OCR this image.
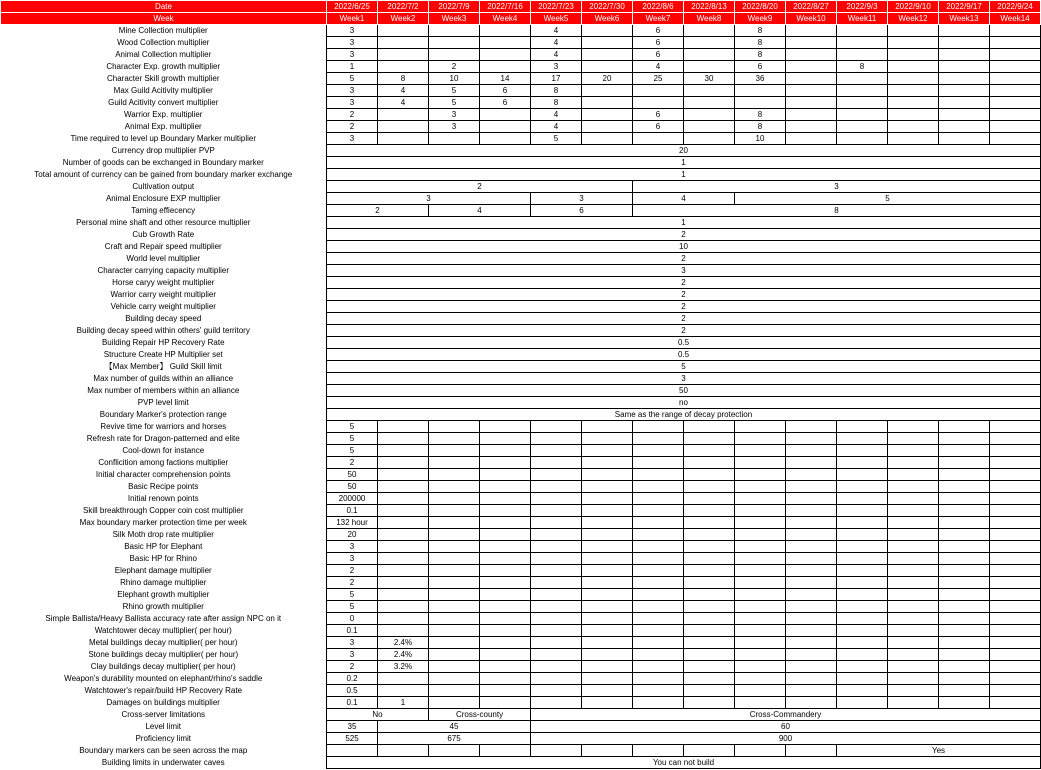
Date	2022/6/25	2022/7/2	2022/7/9	2022/7/16	2022/7/23	2022/7/30	2022/8/6	2022/8/13	2022/8/20	2022/8/27	2022/9/3	2022/9/10	2022/9/17	2022/9/24
Week	Week1	Week2	Week3	Week4	Week5	Week6	Week7	Week8	Week9	Week10	Week11	Week12	Week13	Week14
Mine Collection multiplier	3				4		6		8					
Wood Collection multiplier	3				4		6		8					
Animal Collection multiplier	3				4		6		8					
Character Exp. growth multiplier	1		2		3		4		6		8			
Character Skill growth multiplier	5	8	10	14	17	20	25	30	36					
Max Guild Acitivity multiplier	3	4	5	6	8									
Guild Acitivity convert multiplier	3	4	5	6	8									
Warrior Exp. multiplier	2		3		4		6		8					
Animal Exp. multiplier	2		3		4		6		8					
Time required to level up Boundary Marker multiplier	3				5				10					
Currency drop multiplier PVP	20													
Number of goods can be exchanged in Boundary marker	1													
Total amount of currency can be gained from boundary marker exchange	1													
Cultivation output	2						3							
Animal Enclosure EXP multiplier	3				3		4		5					
Taming effiecency	2		4		6		8							
Personal mine shaft and other resource multiplier	1													
Cub Growth Rate	2													
Craft and Repair speed multiplier	10													
World level multiplier	2													
Character carrying capacity multiplier	3													
Horse caryy weight multiplier	2													
Warrior carry weight multiplier	2													
Vehicle carry weight multiplier	2													
Building decay speed	2													
Building decay speed within others' guild territory	2													
Building Repair HP Recovery Rate	0.5													
Structure Create HP Multiplier set	0.5													
【Max Member】 Guild Skill limit	5													
Max number of guilds within an alliance	3													
Max number of members within an alliance	50													
PVP level limit	no													
Boundary Marker's protection range	Same as the range of decay protection													
Revive time for warriors and horses	5													
Refresh rate for Dragon-patterned and elite	5													
Cool-down for instance	5													
Conflicition among factions multiplier	2													
Initial character comprehension points	50													
Basic Recipe points	50													
Initial renown points	200000													
Skill breakthrough Copper coin cost multiplier	0.1													
Max boundary marker protection time per week	132 hour													
Silk Moth drop rate multiplier	20													
Basic HP for Elephant	3													
Basic HP for Rhino	3													
Elephant damage multiplier	2													
Rhino damage multiplier	2													
Elephant growth multiplier	5													
Rhino growth multiplier	5													
Simple Ballista/Heavy Ballista accuracy rate after assign NPC on it	0													
Watchtower decay multiplier( per hour)	0.1													
Metal buildings decay multiplier( per hour)	3	2.4%												
Stone buildings decay multiplier( per hour)	3	2.4%												
Clay buildings decay multiplier( per hour)	2	3.2%												
Weapon's durability mounted on elephant/rhino's saddle	0.2													
Watchtower's repair/build HP Recovery Rate	0.5													
Damages on buildings multiplier	0.1	1												
Cross-server limitations	No		Cross-county		Cross-Commandery									
Level limit	35	45			60									
Proficiency limit	525	675			900									
Boundary markers can be seen across the map											Yes			
Building limits in underwater caves	You can not build													
